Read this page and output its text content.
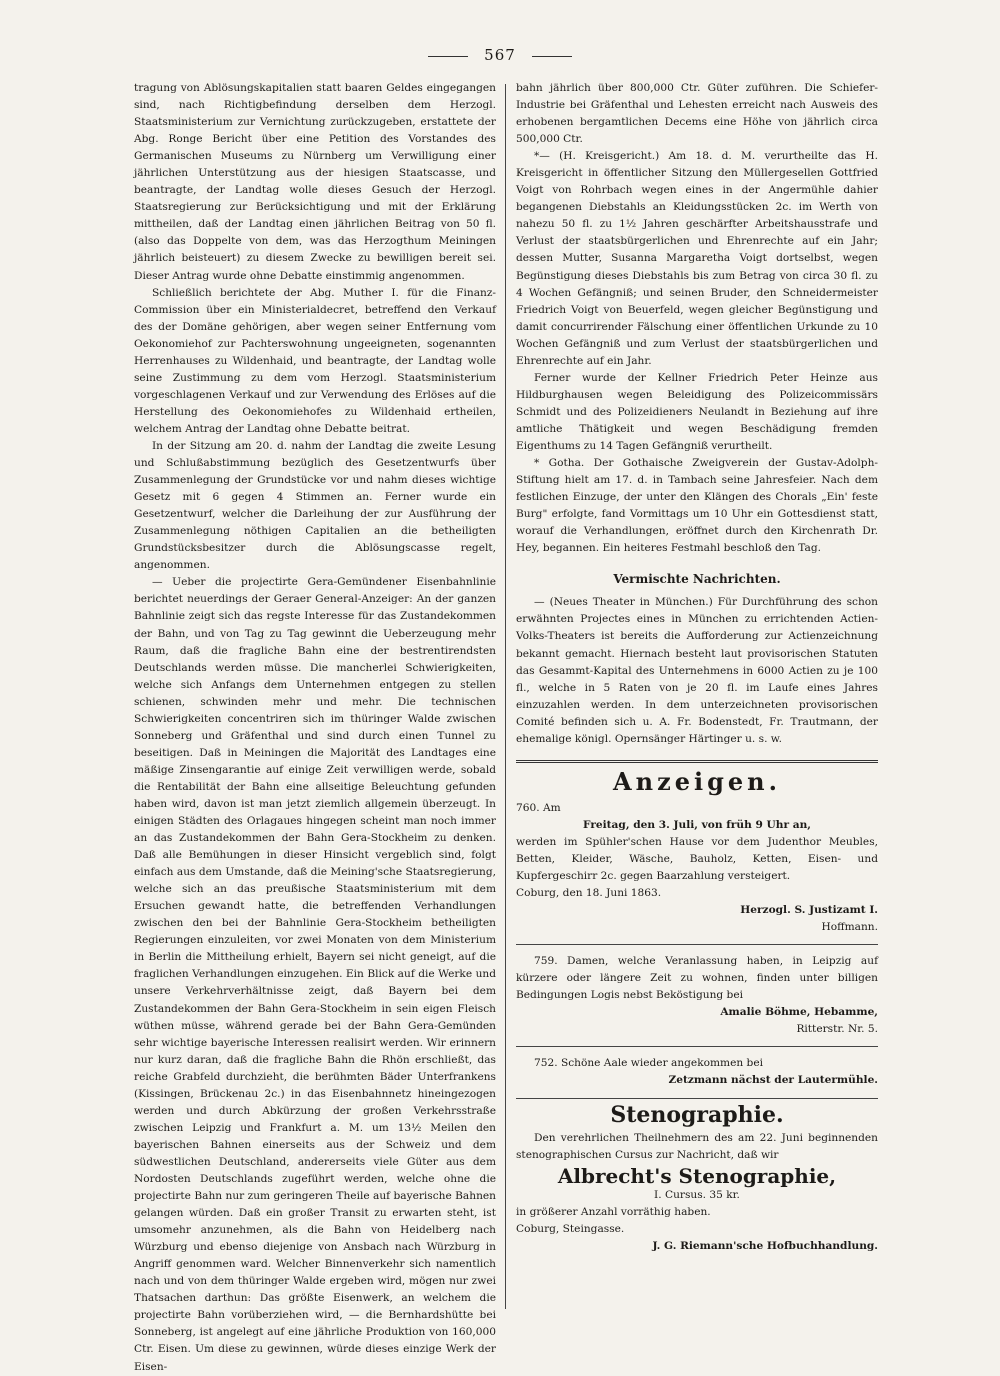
567

tragung von Ablösungskapitalien statt baaren Geldes eingegangen sind, nach Richtigbefindung derselben dem Herzogl. Staatsministerium zur Vernichtung zurückzugeben, erstattete der Abg. Ronge Bericht über eine Petition des Vorstandes des Germanischen Museums zu Nürnberg um Verwilligung einer jährlichen Unterstützung aus der hiesigen Staatscasse, und beantragte, der Landtag wolle dieses Gesuch der Herzogl. Staatsregierung zur Berücksichtigung und mit der Erklärung mittheilen, daß der Landtag einen jährlichen Beitrag von 50 fl. (also das Doppelte von dem, was das Herzogthum Meiningen jährlich beisteuert) zu diesem Zwecke zu bewilligen bereit sei. Dieser Antrag wurde ohne Debatte einstimmig angenommen.

Schließlich berichtete der Abg. Muther I. für die Finanz-Commission über ein Ministerialdecret, betreffend den Verkauf des der Domäne gehörigen, aber wegen seiner Entfernung vom Oekonomiehof zur Pachterswohnung ungeeigneten, sogenannten Herrenhauses zu Wildenhaid, und beantragte, der Landtag wolle seine Zustimmung zu dem vom Herzogl. Staatsministerium vorgeschlagenen Verkauf und zur Verwendung des Erlöses auf die Herstellung des Oekonomiehofes zu Wildenhaid ertheilen, welchem Antrag der Landtag ohne Debatte beitrat.

In der Sitzung am 20. d. nahm der Landtag die zweite Lesung und Schlußabstimmung bezüglich des Gesetzentwurfs über Zusammenlegung der Grundstücke vor und nahm dieses wichtige Gesetz mit 6 gegen 4 Stimmen an. Ferner wurde ein Gesetzentwurf, welcher die Darleihung der zur Ausführung der Zusammenlegung nöthigen Capitalien an die betheiligten Grundstücksbesitzer durch die Ablösungscasse regelt, angenommen.

— Ueber die projectirte Gera-Gemündener Eisenbahnlinie berichtet neuerdings der Geraer General-Anzeiger: An der ganzen Bahnlinie zeigt sich das regste Interesse für das Zustandekommen der Bahn, und von Tag zu Tag gewinnt die Ueberzeugung mehr Raum, daß die fragliche Bahn eine der bestrentirendsten Deutschlands werden müsse. Die mancherlei Schwierigkeiten, welche sich Anfangs dem Unternehmen entgegen zu stellen schienen, schwinden mehr und mehr. Die technischen Schwierigkeiten concentriren sich im thüringer Walde zwischen Sonneberg und Gräfenthal und sind durch einen Tunnel zu beseitigen. Daß in Meiningen die Majorität des Landtages eine mäßige Zinsengarantie auf einige Zeit verwilligen werde, sobald die Rentabilität der Bahn eine allseitige Beleuchtung gefunden haben wird, davon ist man jetzt ziemlich allgemein überzeugt. In einigen Städten des Orlagaues hingegen scheint man noch immer an das Zustandekommen der Bahn Gera-Stockheim zu denken. Daß alle Bemühungen in dieser Hinsicht vergeblich sind, folgt einfach aus dem Umstande, daß die Meining'sche Staatsregierung, welche sich an das preußische Staatsministerium mit dem Ersuchen gewandt hatte, die betreffenden Verhandlungen zwischen den bei der Bahnlinie Gera-Stockheim betheiligten Regierungen einzuleiten, vor zwei Monaten von dem Ministerium in Berlin die Mittheilung erhielt, Bayern sei nicht geneigt, auf die fraglichen Verhandlungen einzugehen. Ein Blick auf die Werke und unsere Verkehrverhältnisse zeigt, daß Bayern bei dem Zustandekommen der Bahn Gera-Stockheim in sein eigen Fleisch wüthen müsse, während gerade bei der Bahn Gera-Gemünden sehr wichtige bayerische Interessen realisirt werden. Wir erinnern nur kurz daran, daß die fragliche Bahn die Rhön erschließt, das reiche Grabfeld durchzieht, die berühmten Bäder Unterfrankens (Kissingen, Brückenau 2c.) in das Eisenbahnnetz hineingezogen werden und durch Abkürzung der großen Verkehrsstraße zwischen Leipzig und Frankfurt a. M. um 13½ Meilen den bayerischen Bahnen einerseits aus der Schweiz und dem südwestlichen Deutschland, andererseits viele Güter aus dem Nordosten Deutschlands zugeführt werden, welche ohne die projectirte Bahn nur zum geringeren Theile auf bayerische Bahnen gelangen würden. Daß ein großer Transit zu erwarten steht, ist umsomehr anzunehmen, als die Bahn von Heidelberg nach Würzburg und ebenso diejenige von Ansbach nach Würzburg in Angriff genommen ward. Welcher Binnenverkehr sich namentlich nach und von dem thüringer Walde ergeben wird, mögen nur zwei Thatsachen darthun: Das größte Eisenwerk, an welchem die projectirte Bahn vorüberziehen wird, — die Bernhardshütte bei Sonneberg, ist angelegt auf eine jährliche Produktion von 160,000 Ctr. Eisen. Um diese zu gewinnen, würde dieses einzige Werk der Eisen-

bahn jährlich über 800,000 Ctr. Güter zuführen. Die Schiefer-Industrie bei Gräfenthal und Lehesten erreicht nach Ausweis des erhobenen bergamtlichen Decems eine Höhe von jährlich circa 500,000 Ctr.

*— (H. Kreisgericht.) Am 18. d. M. verurtheilte das H. Kreisgericht in öffentlicher Sitzung den Müllergesellen Gottfried Voigt von Rohrbach wegen eines in der Angermühle dahier begangenen Diebstahls an Kleidungsstücken 2c. im Werth von nahezu 50 fl. zu 1½ Jahren geschärfter Arbeitshausstrafe und Verlust der staatsbürgerlichen und Ehrenrechte auf ein Jahr; dessen Mutter, Susanna Margaretha Voigt dortselbst, wegen Begünstigung dieses Diebstahls bis zum Betrag von circa 30 fl. zu 4 Wochen Gefängniß; und seinen Bruder, den Schneidermeister Friedrich Voigt von Beuerfeld, wegen gleicher Begünstigung und damit concurrirender Fälschung einer öffentlichen Urkunde zu 10 Wochen Gefängniß und zum Verlust der staatsbürgerlichen und Ehrenrechte auf ein Jahr.

Ferner wurde der Kellner Friedrich Peter Heinze aus Hildburghausen wegen Beleidigung des Polizeicommissärs Schmidt und des Polizeidieners Neulandt in Beziehung auf ihre amtliche Thätigkeit und wegen Beschädigung fremden Eigenthums zu 14 Tagen Gefängniß verurtheilt.

* Gotha. Der Gothaische Zweigverein der Gustav-Adolph-Stiftung hielt am 17. d. in Tambach seine Jahresfeier. Nach dem festlichen Einzuge, der unter den Klängen des Chorals „Ein' feste Burg" erfolgte, fand Vormittags um 10 Uhr ein Gottesdienst statt, worauf die Verhandlungen, eröffnet durch den Kirchenrath Dr. Hey, begannen. Ein heiteres Festmahl beschloß den Tag.

Vermischte Nachrichten.

— (Neues Theater in München.) Für Durchführung des schon erwähnten Projectes eines in München zu errichtenden Actien-Volks-Theaters ist bereits die Aufforderung zur Actienzeichnung bekannt gemacht. Hiernach besteht laut provisorischen Statuten das Gesammt-Kapital des Unternehmens in 6000 Actien zu je 100 fl., welche in 5 Raten von je 20 fl. im Laufe eines Jahres einzuzahlen werden. In dem unterzeichneten provisorischen Comité befinden sich u. A. Fr. Bodenstedt, Fr. Trautmann, der ehemalige königl. Opernsänger Härtinger u. s. w.

Anzeigen.

760. Am

Freitag, den 3. Juli, von früh 9 Uhr an,

werden im Spühler'schen Hause vor dem Judenthor Meubles, Betten, Kleider, Wäsche, Bauholz, Ketten, Eisen- und Kupfergeschirr 2c. gegen Baarzahlung versteigert.

Coburg, den 18. Juni 1863.

Herzogl. S. Justizamt I.

Hoffmann.

759. Damen, welche Veranlassung haben, in Leipzig auf kürzere oder längere Zeit zu wohnen, finden unter billigen Bedingungen Logis nebst Beköstigung bei

Amalie Böhme, Hebamme,

Ritterstr. Nr. 5.

752. Schöne Aale wieder angekommen bei

Zetzmann nächst der Lautermühle.

Stenographie.

Den verehrlichen Theilnehmern des am 22. Juni beginnenden stenographischen Cursus zur Nachricht, daß wir

Albrecht's Stenographie,

I. Cursus. 35 kr.

in größerer Anzahl vorräthig haben.

Coburg, Steingasse.

J. G. Riemann'sche Hofbuchhandlung.
